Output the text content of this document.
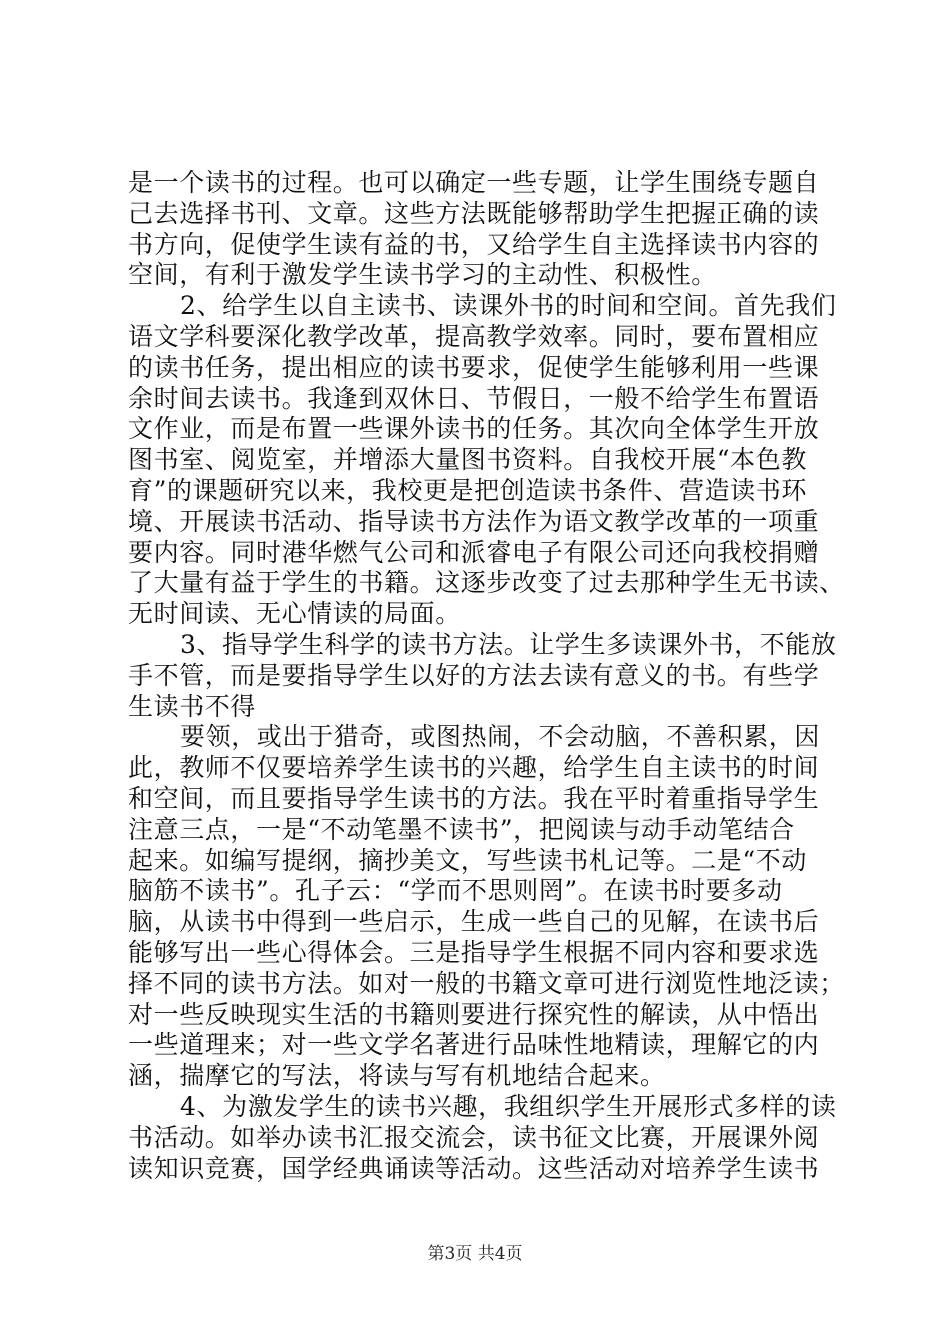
是一个读书的过程。也可以确定一些专题，让学生围绕专题自
己去选择书刊、文章。这些方法既能够帮助学生把握正确的读
书方向，促使学生读有益的书，又给学生自主选择读书内容的
空间，有利于激发学生读书学习的主动性、积极性。
2、给学生以自主读书、读课外书的时间和空间。首先我们
语文学科要深化教学改革，提高教学效率。同时，要布置相应
的读书任务，提出相应的读书要求，促使学生能够利用一些课
余时间去读书。我逢到双休日、节假日，一般不给学生布置语
文作业，而是布置一些课外读书的任务。其次向全体学生开放
图书室、阅览室，并增添大量图书资料。自我校开展“本色教
育”的课题研究以来，我校更是把创造读书条件、营造读书环
境、开展读书活动、指导读书方法作为语文教学改革的一项重
要内容。同时港华燃气公司和派睿电子有限公司还向我校捐赠
了大量有益于学生的书籍。这逐步改变了过去那种学生无书读、
无时间读、无心情读的局面。
3、指导学生科学的读书方法。让学生多读课外书，不能放
手不管，而是要指导学生以好的方法去读有意义的书。有些学
生读书不得
要领，或出于猎奇，或图热闹，不会动脑，不善积累，因
此，教师不仅要培养学生读书的兴趣，给学生自主读书的时间
和空间，而且要指导学生读书的方法。我在平时着重指导学生
注意三点，一是“不动笔墨不读书”，把阅读与动手动笔结合
起来。如编写提纲，摘抄美文，写些读书札记等。二是“不动
脑筋不读书”。孔子云：“学而不思则罔”。在读书时要多动
脑，从读书中得到一些启示，生成一些自己的见解，在读书后
能够写出一些心得体会。三是指导学生根据不同内容和要求选
择不同的读书方法。如对一般的书籍文章可进行浏览性地泛读；
对一些反映现实生活的书籍则要进行探究性的解读，从中悟出
一些道理来；对一些文学名著进行品味性地精读，理解它的内
涵，揣摩它的写法，将读与写有机地结合起来。
4、为激发学生的读书兴趣，我组织学生开展形式多样的读
书活动。如举办读书汇报交流会，读书征文比赛，开展课外阅
读知识竞赛，国学经典诵读等活动。这些活动对培养学生读书
第3页 共4页
